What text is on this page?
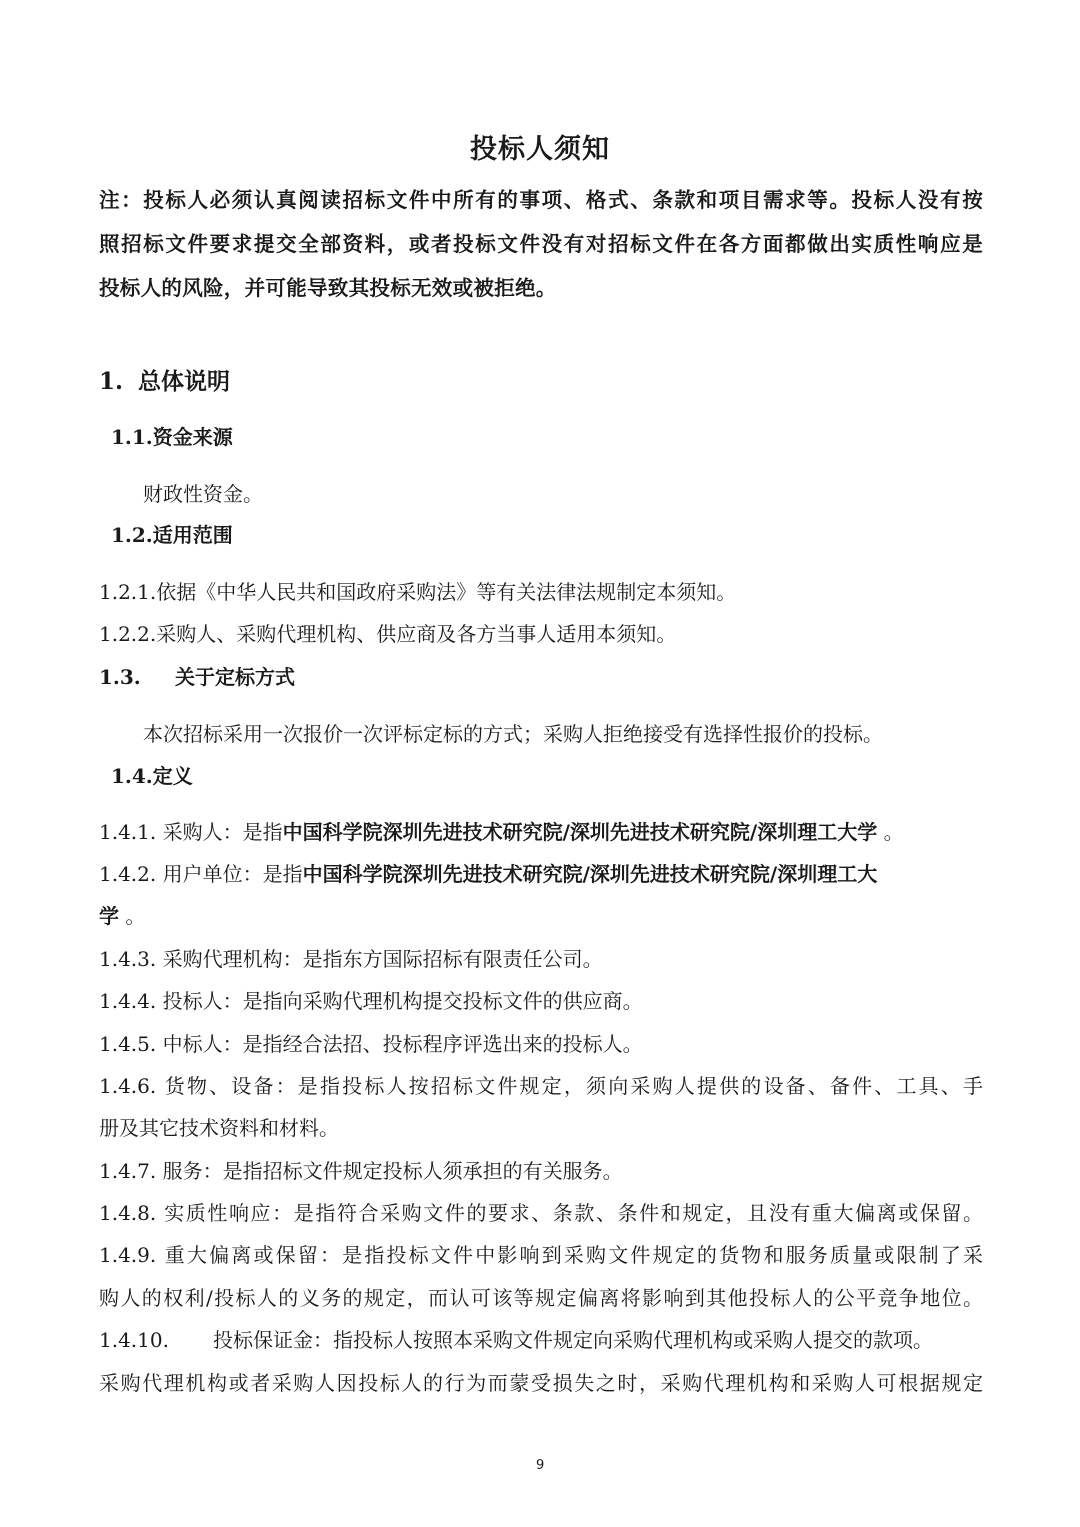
投标人须知
注：投标人必须认真阅读招标文件中所有的事项、格式、条款和项目需求等。投标人没有按
照招标文件要求提交全部资料，或者投标文件没有对招标文件在各方面都做出实质性响应是
投标人的风险，并可能导致其投标无效或被拒绝。
1. 总体说明
1.1.资金来源
财政性资金。
1.2.适用范围
1.2.1.依据《中华人民共和国政府采购法》等有关法律法规制定本须知。
1.2.2.采购人、采购代理机构、供应商及各方当事人适用本须知。
1.3. 关于定标方式
本次招标采用一次报价一次评标定标的方式；采购人拒绝接受有选择性报价的投标。
1.4.定义
1.4.1. 采购人：是指中国科学院深圳先进技术研究院/深圳先进技术研究院/深圳理工大学 。
1.4.2. 用户单位：是指中国科学院深圳先进技术研究院/深圳先进技术研究院/深圳理工大
学 。
1.4.3. 采购代理机构：是指东方国际招标有限责任公司。
1.4.4. 投标人：是指向采购代理机构提交投标文件的供应商。
1.4.5. 中标人：是指经合法招、投标程序评选出来的投标人。
1.4.6. 货物、设备：是指投标人按招标文件规定，须向采购人提供的设备、备件、工具、手
册及其它技术资料和材料。
1.4.7. 服务：是指招标文件规定投标人须承担的有关服务。
1.4.8. 实质性响应：是指符合采购文件的要求、条款、条件和规定，且没有重大偏离或保留。
1.4.9. 重大偏离或保留：是指投标文件中影响到采购文件规定的货物和服务质量或限制了采
购人的权利/投标人的义务的规定，而认可该等规定偏离将影响到其他投标人的公平竞争地位。
1.4.10. 投标保证金：指投标人按照本采购文件规定向采购代理机构或采购人提交的款项。
采购代理机构或者采购人因投标人的行为而蒙受损失之时，采购代理机构和采购人可根据规定
9
